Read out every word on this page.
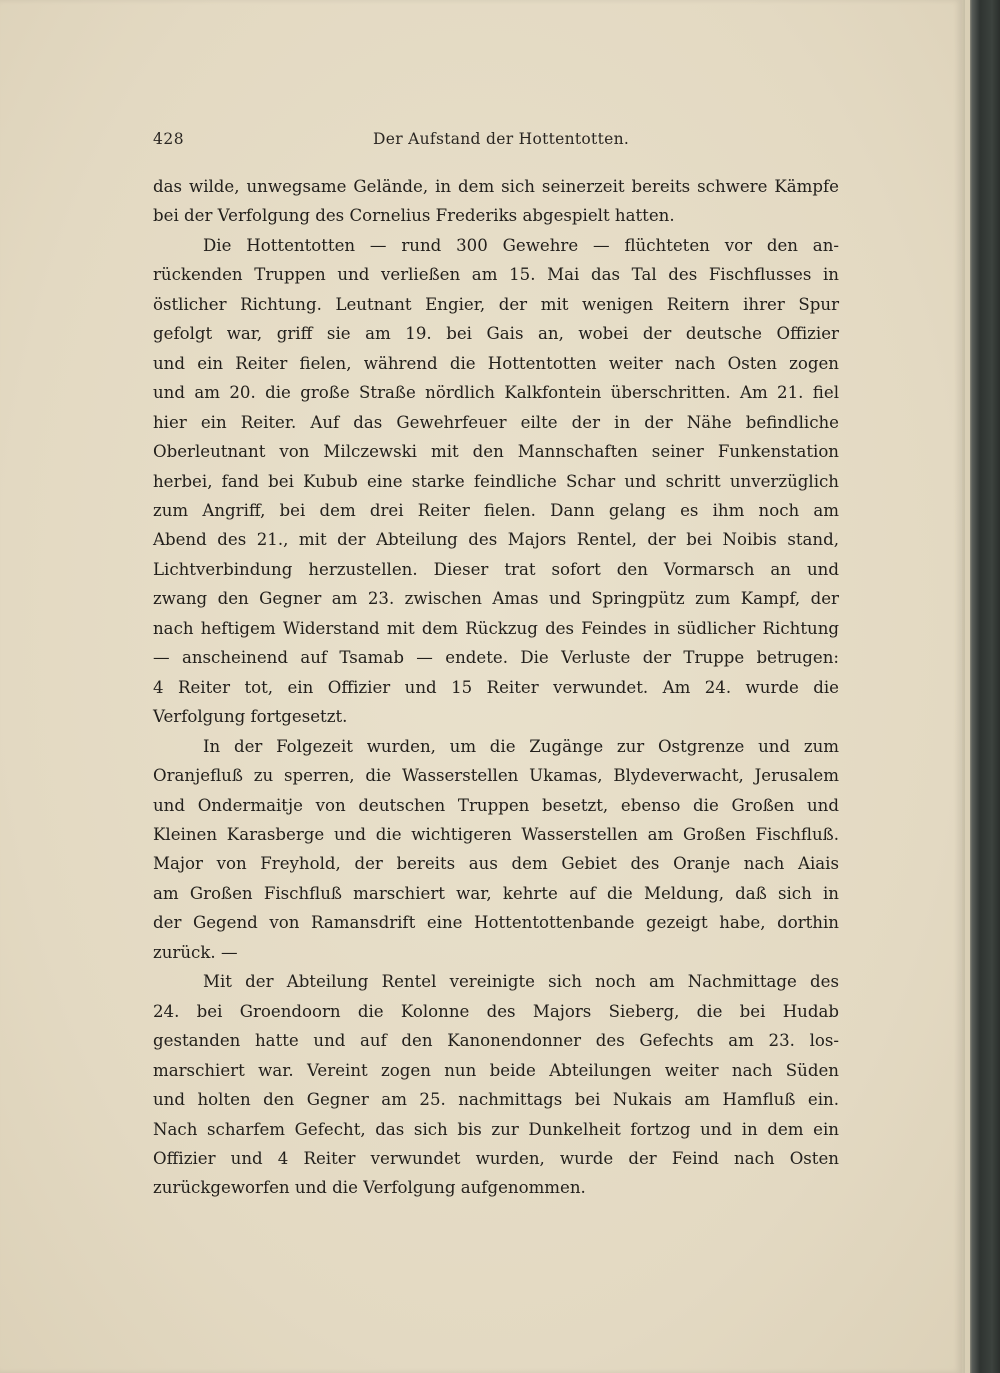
428	Der Aufstand der Hottentotten.
das wilde, unwegsame Gelände, in dem sich seinerzeit bereits schwere Kämpfe
bei der Verfolgung des Cornelius Frederiks abgespielt hatten.
Die Hottentotten — rund 300 Gewehre — flüchteten vor den an-
rückenden Truppen und verließen am 15. Mai das Tal des Fischflusses in
östlicher Richtung. Leutnant Engier, der mit wenigen Reitern ihrer Spur
gefolgt war, griff sie am 19. bei Gais an, wobei der deutsche Offizier
und ein Reiter fielen, während die Hottentotten weiter nach Osten zogen
und am 20. die große Straße nördlich Kalkfontein überschritten. Am 21. fiel
hier ein Reiter. Auf das Gewehrfeuer eilte der in der Nähe befindliche
Oberleutnant von Milczewski mit den Mannschaften seiner Funkenstation
herbei, fand bei Kubub eine starke feindliche Schar und schritt unverzüglich
zum Angriff, bei dem drei Reiter fielen. Dann gelang es ihm noch am
Abend des 21., mit der Abteilung des Majors Rentel, der bei Noibis stand,
Lichtverbindung herzustellen. Dieser trat sofort den Vormarsch an und
zwang den Gegner am 23. zwischen Amas und Springpütz zum Kampf, der
nach heftigem Widerstand mit dem Rückzug des Feindes in südlicher Richtung
— anscheinend auf Tsamab — endete. Die Verluste der Truppe betrugen:
4 Reiter tot, ein Offizier und 15 Reiter verwundet. Am 24. wurde die
Verfolgung fortgesetzt.
In der Folgezeit wurden, um die Zugänge zur Ostgrenze und zum
Oranjefluß zu sperren, die Wasserstellen Ukamas, Blydeverwacht, Jerusalem
und Ondermaitje von deutschen Truppen besetzt, ebenso die Großen und
Kleinen Karasberge und die wichtigeren Wasserstellen am Großen Fischfluß.
Major von Freyhold, der bereits aus dem Gebiet des Oranje nach Aiais
am Großen Fischfluß marschiert war, kehrte auf die Meldung, daß sich in
der Gegend von Ramansdrift eine Hottentottenbande gezeigt habe, dorthin
zurück. —
Mit der Abteilung Rentel vereinigte sich noch am Nachmittage des
24. bei Groendoorn die Kolonne des Majors Sieberg, die bei Hudab
gestanden hatte und auf den Kanonendonner des Gefechts am 23. los-
marschiert war. Vereint zogen nun beide Abteilungen weiter nach Süden
und holten den Gegner am 25. nachmittags bei Nukais am Hamfluß ein.
Nach scharfem Gefecht, das sich bis zur Dunkelheit fortzog und in dem ein
Offizier und 4 Reiter verwundet wurden, wurde der Feind nach Osten
zurückgeworfen und die Verfolgung aufgenommen.
